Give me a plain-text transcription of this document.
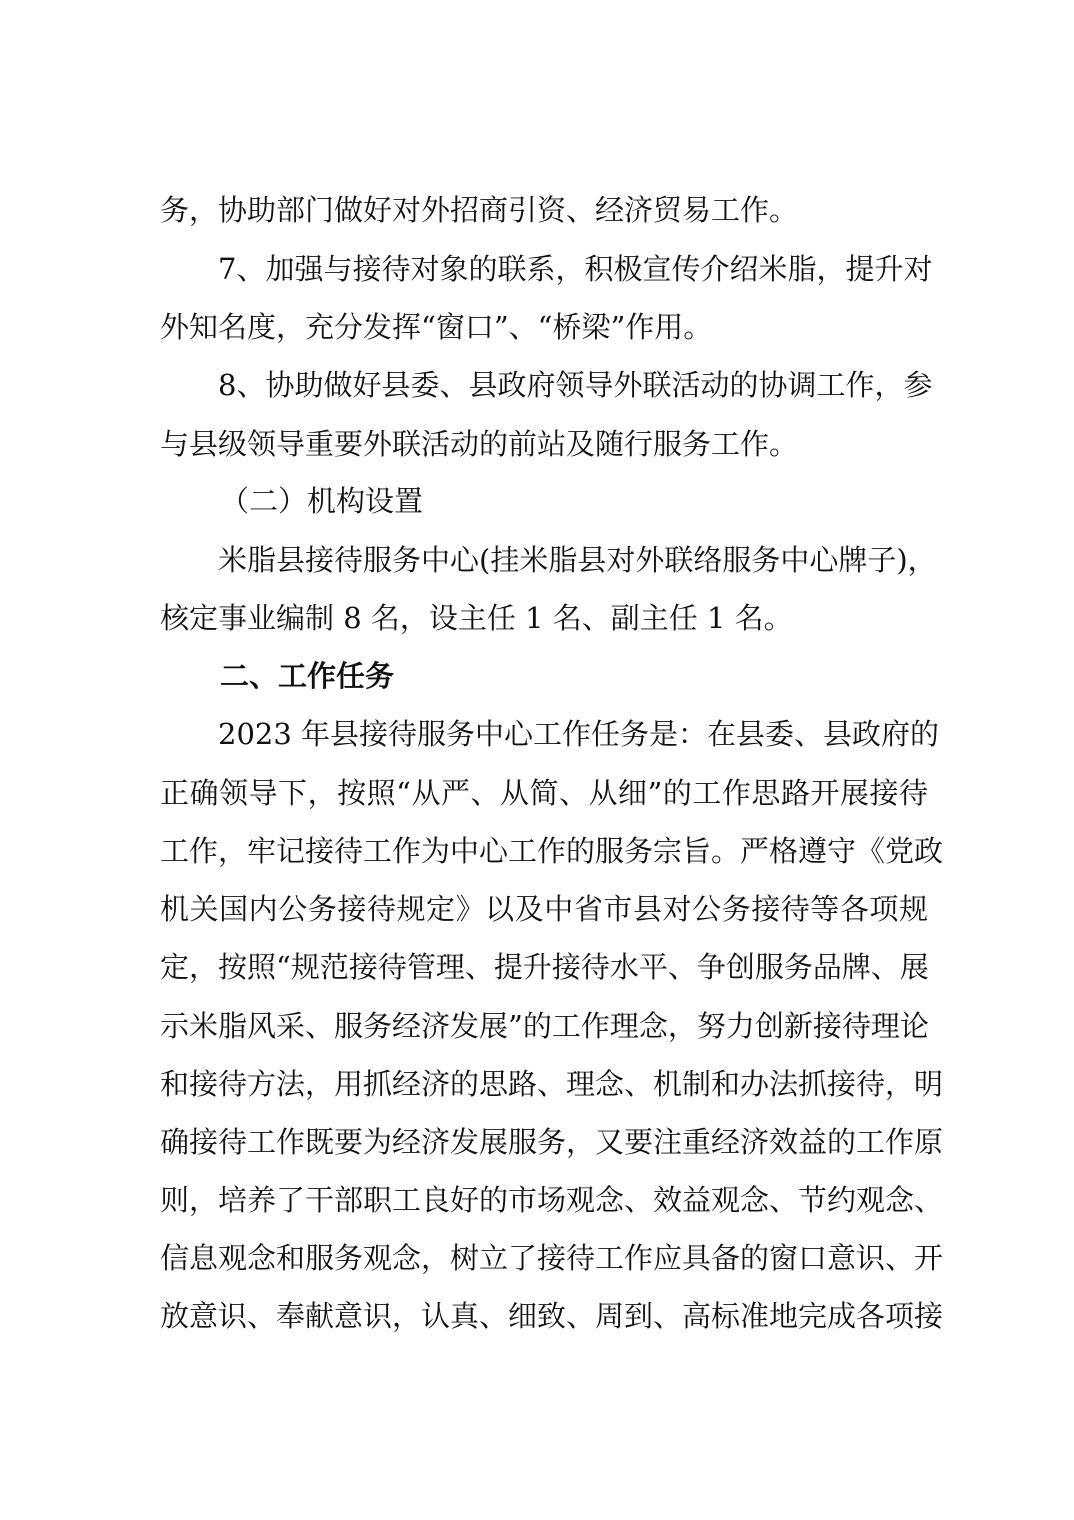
务，协助部门做好对外招商引资、经济贸易工作。
7、加强与接待对象的联系，积极宣传介绍米脂，提升对
外知名度，充分发挥“窗口”、“桥梁”作用。
8、协助做好县委、县政府领导外联活动的协调工作，参
与县级领导重要外联活动的前站及随行服务工作。
（二）机构设置
米脂县接待服务中心(挂米脂县对外联络服务中心牌子)，
核定事业编制 8 名，设主任 1 名、副主任 1 名。
二、工作任务
2023 年县接待服务中心工作任务是：在县委、县政府的
正确领导下，按照“从严、从简、从细”的工作思路开展接待
工作，牢记接待工作为中心工作的服务宗旨。严格遵守《党政
机关国内公务接待规定》以及中省市县对公务接待等各项规
定，按照“规范接待管理、提升接待水平、争创服务品牌、展
示米脂风采、服务经济发展”的工作理念，努力创新接待理论
和接待方法，用抓经济的思路、理念、机制和办法抓接待，明
确接待工作既要为经济发展服务，又要注重经济效益的工作原
则，培养了干部职工良好的市场观念、效益观念、节约观念、
信息观念和服务观念，树立了接待工作应具备的窗口意识、开
放意识、奉献意识，认真、细致、周到、高标准地完成各项接
